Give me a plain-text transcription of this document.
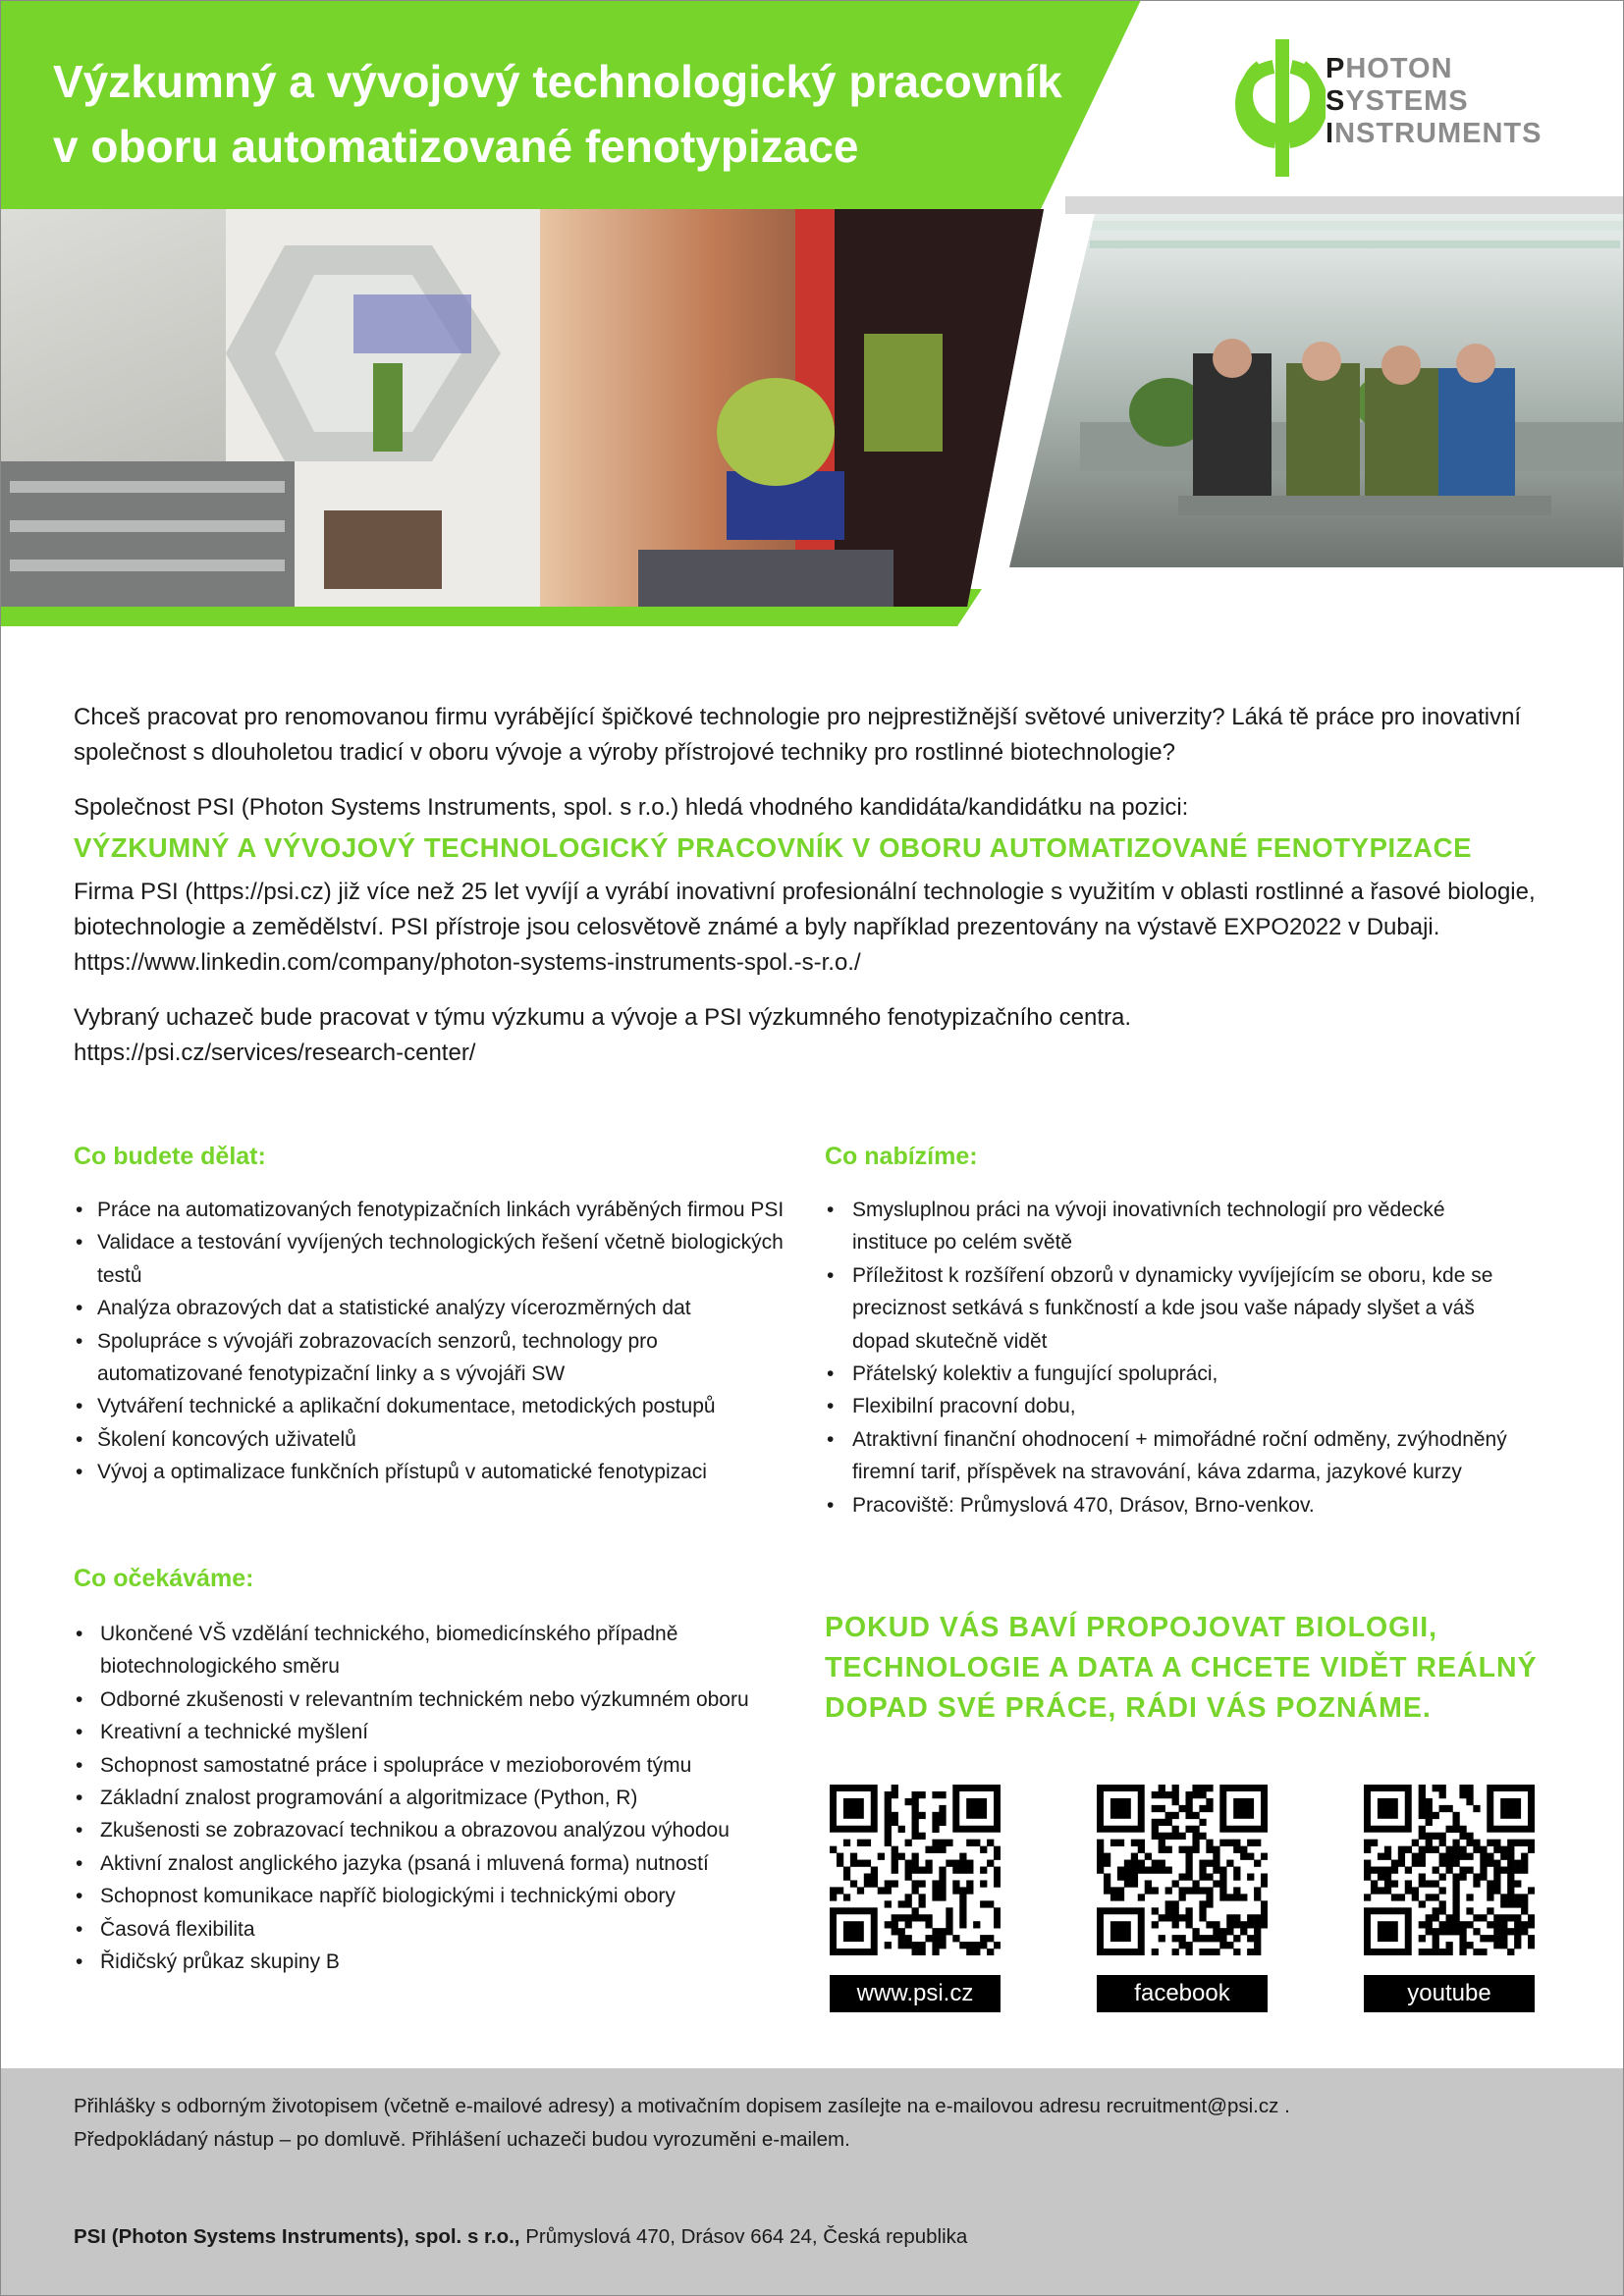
Výzkumný a vývojový technologický pracovník
v oboru automatizované fenotypizace
PHOTON
SYSTEMS
INSTRUMENTS

Chceš pracovat pro renomovanou firmu vyrábějící špičkové technologie pro nejprestižnější světové univerzity? Láká tě práce pro inovativní společnost s dlouholetou tradicí v oboru vývoje a výroby přístrojové techniky pro rostlinné biotechnologie?

Společnost PSI (Photon Systems Instruments, spol. s r.o.) hledá vhodného kandidáta/kandidátku na pozici:

VÝZKUMNÝ A VÝVOJOVÝ TECHNOLOGICKÝ PRACOVNÍK V OBORU AUTOMATIZOVANÉ FENOTYPIZACE

Firma PSI (https://psi.cz) již více než 25 let vyvíjí a vyrábí inovativní profesionální technologie s využitím v oblasti rostlinné a řasové biologie, biotechnologie a zemědělství. PSI přístroje jsou celosvětově známé a byly například prezentovány na výstavě EXPO2022 v Dubaji. https://www.linkedin.com/company/photon-systems-instruments-spol.-s-r.o./

Vybraný uchazeč bude pracovat v týmu výzkumu a vývoje a PSI výzkumného fenotypizačního centra.
https://psi.cz/services/research-center/

Co budete dělat:
• Práce na automatizovaných fenotypizačních linkách vyráběných firmou PSI
• Validace a testování vyvíjených technologických řešení včetně biologických testů
• Analýza obrazových dat a statistické analýzy vícerozměrných dat
• Spolupráce s vývojáři zobrazovacích senzorů, technology pro automatizované fenotypizační linky a s vývojáři SW
• Vytváření technické a aplikační dokumentace, metodických postupů
• Školení koncových uživatelů
• Vývoj a optimalizace funkčních přístupů v automatické fenotypizaci
Co očekáváme:
• Ukončené VŠ vzdělání technického, biomedicínského případně biotechnologického směru
• Odborné zkušenosti v relevantním technickém nebo výzkumném oboru
• Kreativní a technické myšlení
• Schopnost samostatné práce i spolupráce v mezioborovém týmu
• Základní znalost programování a algoritmizace (Python, R)
• Zkušenosti se zobrazovací technikou a obrazovou analýzou výhodou
• Aktivní znalost anglického jazyka (psaná i mluvená forma) nutností
• Schopnost komunikace napříč biologickými i technickými obory
• Časová flexibilita
• Řidičský průkaz skupiny B
Co nabízíme:
• Smysluplnou práci na vývoji inovativních technologií pro vědecké instituce po celém světě
• Příležitost k rozšíření obzorů v dynamicky vyvíjejícím se oboru, kde se preciznost setkává s funkčností a kde jsou vaše nápady slyšet a váš dopad skutečně vidět
• Přátelský kolektiv a fungující spolupráci,
• Flexibilní pracovní dobu,
• Atraktivní finanční ohodnocení + mimořádné roční odměny, zvýhodněný firemní tarif, příspěvek na stravování, káva zdarma, jazykové kurzy
• Pracoviště: Průmyslová 470, Drásov, Brno-venkov.

POKUD VÁS BAVÍ PROPOJOVAT BIOLOGII,
TECHNOLOGIE A DATA A CHCETE VIDĚT REÁLNÝ
DOPAD SVÉ PRÁCE, RÁDI VÁS POZNÁME.

www.psi.cz	facebook	youtube
Přihlášky s odborným životopisem (včetně e-mailové adresy) a motivačním dopisem zasílejte na e-mailovou adresu recruitment@psi.cz .
Předpokládaný nástup – po domluvě. Přihlášení uchazeči budou vyrozuměni e-mailem.
PSI (Photon Systems Instruments), spol. s r.o., Průmyslová 470, Drásov 664 24, Česká republika
